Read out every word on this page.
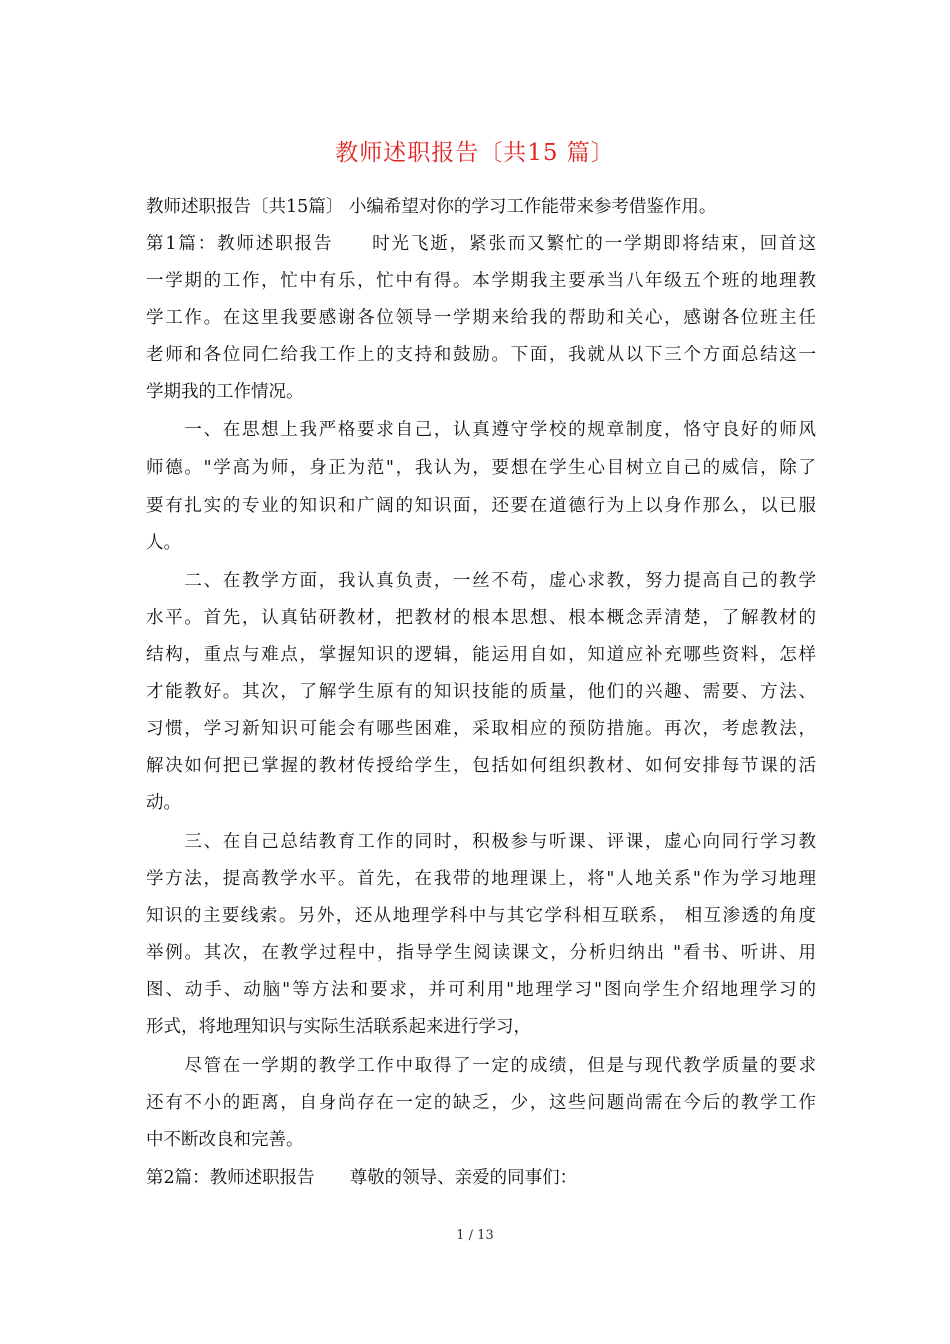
教师述职报告〔共15 篇〕

教师述职报告〔共15篇〕 小编希望对你的学习工作能带来参考借鉴作用。

第1篇：教师述职报告　　时光飞逝，紧张而又繁忙的一学期即将结束，回首这

一学期的工作，忙中有乐，忙中有得。本学期我主要承当八年级五个班的地理教

学工作。在这里我要感谢各位领导一学期来给我的帮助和关心，感谢各位班主任

老师和各位同仁给我工作上的支持和鼓励。下面，我就从以下三个方面总结这一

学期我的工作情况。

　　一、在思想上我严格要求自己，认真遵守学校的规章制度，恪守良好的师风

师德。"学高为师，身正为范"，我认为，要想在学生心目树立自己的威信，除了

要有扎实的专业的知识和广阔的知识面，还要在道德行为上以身作那么，以已服

人。

　　二、在教学方面，我认真负责，一丝不苟，虚心求教，努力提高自己的教学

水平。首先，认真钻研教材，把教材的根本思想、根本概念弄清楚，了解教材的

结构，重点与难点，掌握知识的逻辑，能运用自如，知道应补充哪些资料，怎样

才能教好。其次，了解学生原有的知识技能的质量，他们的兴趣、需要、方法、

习惯，学习新知识可能会有哪些困难，采取相应的预防措施。再次，考虑教法，

解决如何把已掌握的教材传授给学生，包括如何组织教材、如何安排每节课的活

动。

　　三、在自己总结教育工作的同时，积极参与听课、评课，虚心向同行学习教

学方法，提高教学水平。首先，在我带的地理课上，将"人地关系"作为学习地理

知识的主要线索。另外，还从地理学科中与其它学科相互联系， 相互渗透的角度

举例。其次，在教学过程中，指导学生阅读课文，分析归纳出 "看书、听讲、用

图、动手、动脑"等方法和要求，并可利用"地理学习"图向学生介绍地理学习的

形式，将地理知识与实际生活联系起来进行学习，

　　尽管在一学期的教学工作中取得了一定的成绩，但是与现代教学质量的要求

还有不小的距离，自身尚存在一定的缺乏，少，这些问题尚需在今后的教学工作

中不断改良和完善。

第2篇：教师述职报告　　尊敬的领导、亲爱的同事们：

1 / 13
